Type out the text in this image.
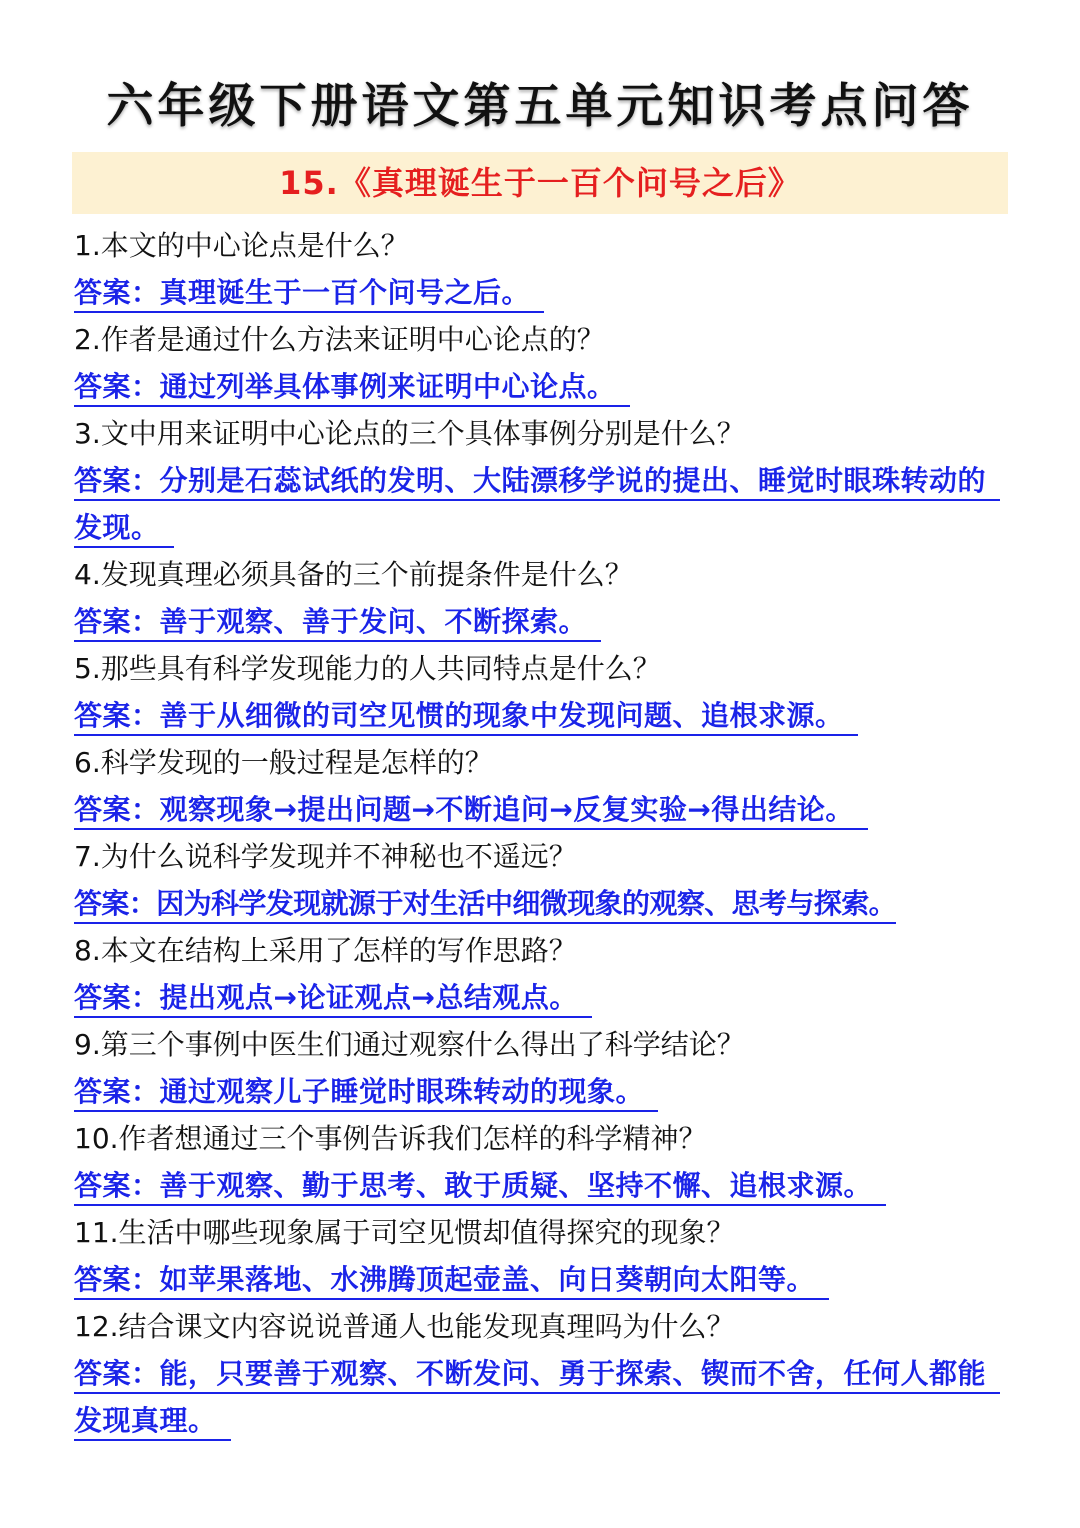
六年级下册语文第五单元知识考点问答
15.《真理诞生于一百个问号之后》
1.本文的中心论点是什么？
答案：真理诞生于一百个问号之后。
2.作者是通过什么方法来证明中心论点的？
答案：通过列举具体事例来证明中心论点。
3.文中用来证明中心论点的三个具体事例分别是什么？
答案：分别是石蕊试纸的发明、大陆漂移学说的提出、睡觉时眼珠转动的发现。
4.发现真理必须具备的三个前提条件是什么？
答案：善于观察、善于发问、不断探索。
5.那些具有科学发现能力的人共同特点是什么？
答案：善于从细微的司空见惯的现象中发现问题、追根求源。
6.科学发现的一般过程是怎样的？
答案：观察现象→提出问题→不断追问→反复实验→得出结论。
7.为什么说科学发现并不神秘也不遥远？
答案：因为科学发现就源于对生活中细微现象的观察、思考与探索。
8.本文在结构上采用了怎样的写作思路？
答案：提出观点→论证观点→总结观点。
9.第三个事例中医生们通过观察什么得出了科学结论？
答案：通过观察儿子睡觉时眼珠转动的现象。
10.作者想通过三个事例告诉我们怎样的科学精神？
答案：善于观察、勤于思考、敢于质疑、坚持不懈、追根求源。
11.生活中哪些现象属于司空见惯却值得探究的现象？
答案：如苹果落地、水沸腾顶起壶盖、向日葵朝向太阳等。
12.结合课文内容说说普通人也能发现真理吗为什么？
答案：能，只要善于观察、不断发问、勇于探索、锲而不舍，任何人都能发现真理。
